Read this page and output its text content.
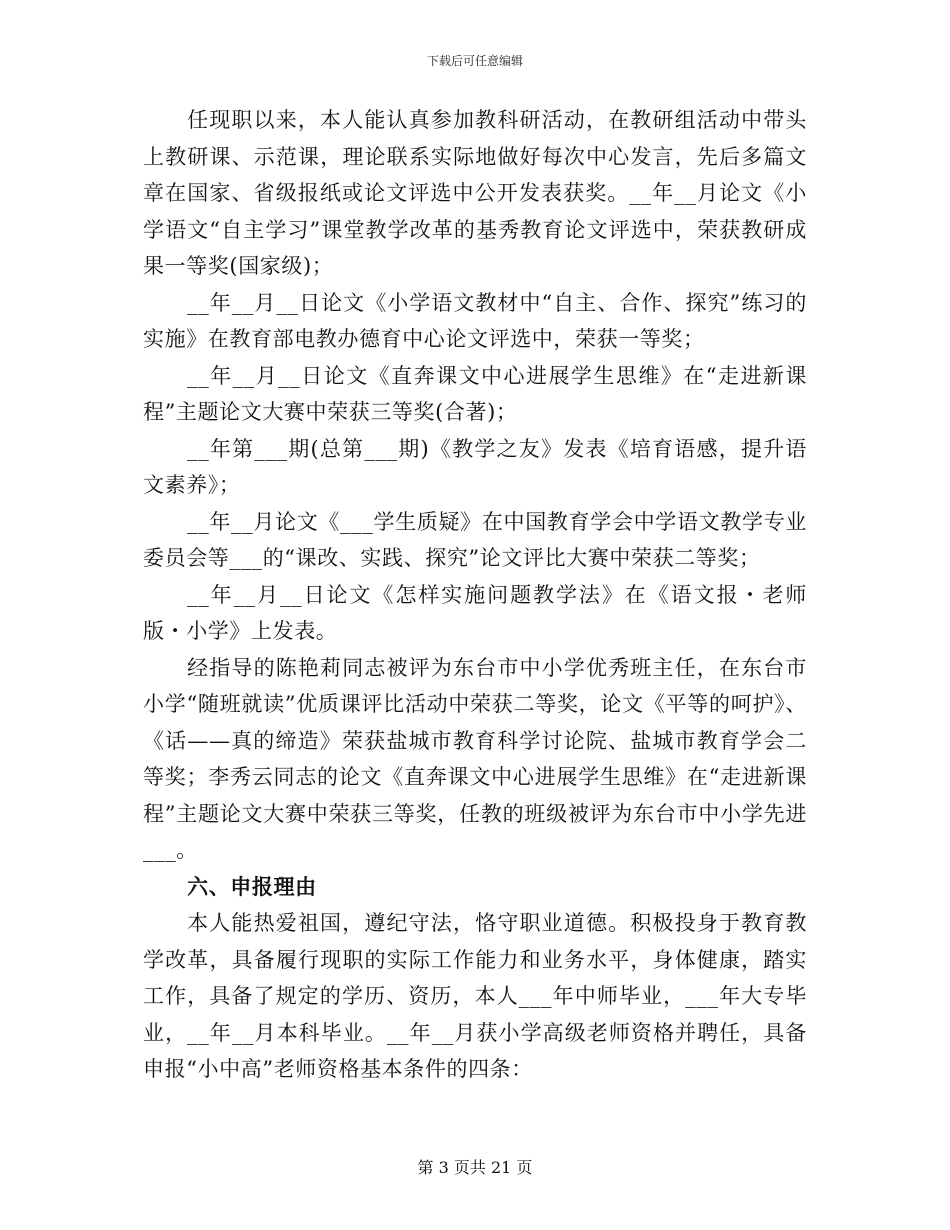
下载后可任意编辑

任现职以来，本人能认真参加教科研活动，在教研组活动中带头上教研课、示范课，理论联系实际地做好每次中心发言，先后多篇文章在国家、省级报纸或论文评选中公开发表获奖。__年__月论文《小学语文“自主学习”课堂教学改革的基秀教育论文评选中，荣获教研成果一等奖(国家级)；

__年__月__日论文《小学语文教材中“自主、合作、探究”练习的实施》在教育部电教办德育中心论文评选中，荣获一等奖；

__年__月__日论文《直奔课文中心进展学生思维》在“走进新课程”主题论文大赛中荣获三等奖(合著)；

__年第___期(总第___期)《教学之友》发表《培育语感，提升语文素养》；

__年__月论文《___学生质疑》在中国教育学会中学语文教学专业委员会等___的“课改、实践、探究”论文评比大赛中荣获二等奖；

__年__月__日论文《怎样实施问题教学法》在《语文报・老师版・小学》上发表。

经指导的陈艳莉同志被评为东台市中小学优秀班主任，在东台市小学“随班就读”优质课评比活动中荣获二等奖，论文《平等的呵护》、《话——真的缔造》荣获盐城市教育科学讨论院、盐城市教育学会二等奖；李秀云同志的论文《直奔课文中心进展学生思维》在“走进新课程”主题论文大赛中荣获三等奖，任教的班级被评为东台市中小学先进___。

六、申报理由

本人能热爱祖国，遵纪守法，恪守职业道德。积极投身于教育教学改革，具备履行现职的实际工作能力和业务水平，身体健康，踏实工作，具备了规定的学历、资历，本人___年中师毕业，___年大专毕业，__年__月本科毕业。__年__月获小学高级老师资格并聘任，具备申报“小中高”老师资格基本条件的四条：

第 3 页共 21 页
